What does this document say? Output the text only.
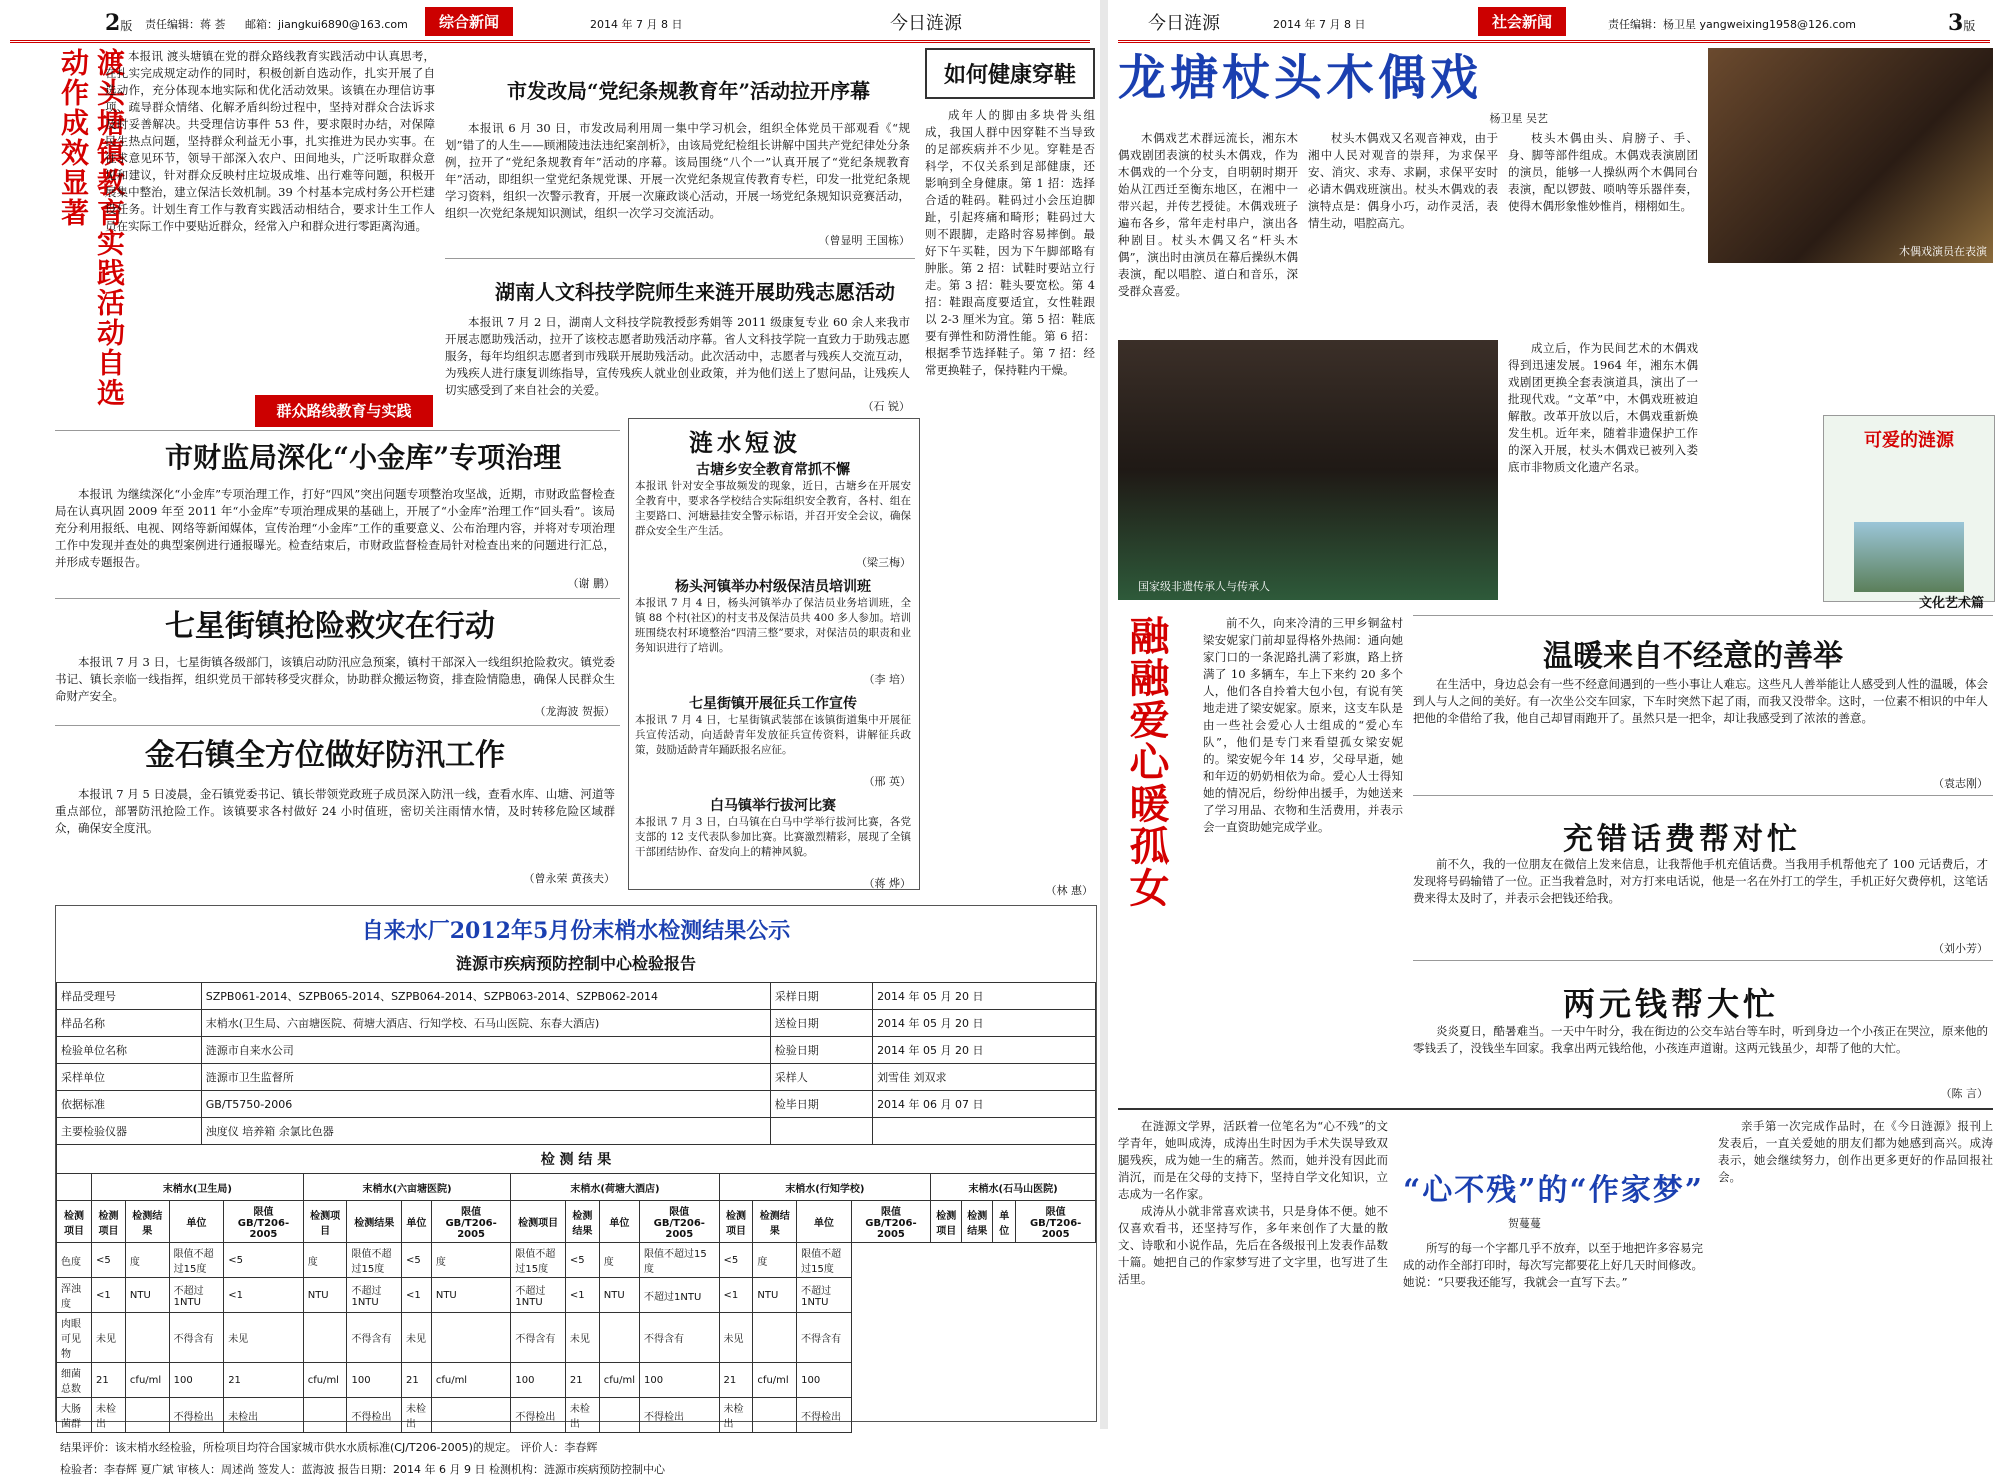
2版 责任编辑：蒋 荟 邮箱：jiangkui6890@163.com	综合新闻	2014 年 7 月 8 日	今日涟源
渡头塘镇教育实践活动自选动作成效显著	本报讯 渡头塘镇在党的群众路线教育实践活动中认真思考，在扎实完成规定动作的同时，积极创新自选动作，扎实开展了自选动作，充分体现本地实际和优化活动效果。该镇在办理信访事项、疏导群众情绪、化解矛盾纠纷过程中，坚持对群众合法诉求及时妥善解决。共受理信访事件 53 件，要求限时办结，对保障民生热点问题，坚持群众利益无小事，扎实推进为民办实事。在征求意见环节，领导干部深入农户、田间地头，广泛听取群众意见和建议，针对群众反映村庄垃圾成堆、出行难等问题，积极开展集中整治，建立保洁长效机制。39 个村基本完成村务公开栏建设任务。计划生育工作与教育实践活动相结合，要求计生工作人员在实际工作中要贴近群众，经常入户和群众进行零距离沟通。

群众路线教育与实践
市发改局“党纪条规教育年”活动拉开序幕

本报讯 6 月 30 日，市发改局利用周一集中学习机会，组织全体党员干部观看《“规划”错了的人生——顾湘陵违法违纪案剖析》，由该局党纪检组长讲解中国共产党纪律处分条例，拉开了“党纪条规教育年”活动的序幕。该局围绕“八个一”认真开展了“党纪条规教育年”活动，即组织一堂党纪条规党课、开展一次党纪条规宣传教育专栏，印发一批党纪条规学习资料，组织一次警示教育，开展一次廉政谈心活动，开展一场党纪条规知识竞赛活动，组织一次党纪条规知识测试，组织一次学习交流活动。

（曾显明 王国栋）
湖南人文科技学院师生来涟开展助残志愿活动

本报讯 7 月 2 日，湖南人文科技学院教授彭秀娟等 2011 级康复专业 60 余人来我市开展志愿助残活动，拉开了该校志愿者助残活动序幕。省人文科技学院一直致力于助残志愿服务，每年均组织志愿者到市残联开展助残活动。此次活动中，志愿者与残疾人交流互动，为残疾人进行康复训练指导，宣传残疾人就业创业政策，并为他们送上了慰问品，让残疾人切实感受到了来自社会的关爱。

（石 锐）
市财监局深化“小金库”专项治理

本报讯 为继续深化“小金库”专项治理工作，打好“四风”突出问题专项整治攻坚战，近期，市财政监督检查局在认真巩固 2009 年至 2011 年“小金库”专项治理成果的基础上，开展了“小金库”治理工作“回头看”。该局充分利用报纸、电视、网络等新闻媒体，宣传治理“小金库”工作的重要意义、公布治理内容，并将对专项治理工作中发现并查处的典型案例进行通报曝光。检查结束后，市财政监督检查局针对检查出来的问题进行汇总，并形成专题报告。

（谢 鹏）
七星街镇抢险救灾在行动

本报讯 7 月 3 日，七星街镇各级部门，该镇启动防汛应急预案，镇村干部深入一线组织抢险救灾。镇党委书记、镇长亲临一线指挥，组织党员干部转移受灾群众，协助群众搬运物资，排查险情隐患，确保人民群众生命财产安全。

（龙海波 贺振）
金石镇全方位做好防汛工作

本报讯 7 月 5 日凌晨，金石镇党委书记、镇长带领党政班子成员深入防汛一线，查看水库、山塘、河道等重点部位，部署防汛抢险工作。该镇要求各村做好 24 小时值班，密切关注雨情水情，及时转移危险区域群众，确保安全度汛。

（曾永荣 黄孩夫）
涟水短波
古塘乡安全教育常抓不懈
本报讯 针对安全事故频发的现象，近日，古塘乡在开展安全教育中，要求各学校结合实际组织安全教育，各村、组在主要路口、河塘悬挂安全警示标语，并召开安全会议，确保群众安全生产生活。
（梁三梅）
杨头河镇举办村级保洁员培训班
本报讯 7 月 4 日，杨头河镇举办了保洁员业务培训班，全镇 88 个村(社区)的村支书及保洁员共 400 多人参加。培训班围绕农村环境整治“四清三整”要求，对保洁员的职责和业务知识进行了培训。
（李 培）
七星街镇开展征兵工作宣传
本报讯 7 月 4 日，七星街镇武装部在该镇街道集中开展征兵宣传活动，向适龄青年发放征兵宣传资料，讲解征兵政策，鼓励适龄青年踊跃报名应征。
（邢 英）
白马镇举行拔河比赛
本报讯 7 月 3 日，白马镇在白马中学举行拔河比赛，各党支部的 12 支代表队参加比赛。比赛激烈精彩，展现了全镇干部团结协作、奋发向上的精神风貌。
（蒋 烨）
如何健康穿鞋

成年人的脚由多块骨头组成，我国人群中因穿鞋不当导致的足部疾病并不少见。穿鞋是否科学，不仅关系到足部健康，还影响到全身健康。第 1 招：选择合适的鞋码。鞋码过小会压迫脚趾，引起疼痛和畸形；鞋码过大则不跟脚，走路时容易摔倒。最好下午买鞋，因为下午脚部略有肿胀。第 2 招：试鞋时要站立行走。第 3 招：鞋头要宽松。第 4 招：鞋跟高度要适宜，女性鞋跟以 2-3 厘米为宜。第 5 招：鞋底要有弹性和防滑性能。第 6 招：根据季节选择鞋子。第 7 招：经常更换鞋子，保持鞋内干燥。

（林 惠）
自来水厂2012年5月份末梢水检测结果公示
涟源市疾病预防控制中心检验报告
样品受理号	SZPB061-2014、SZPB065-2014、SZPB064-2014、SZPB063-2014、SZPB062-2014	采样日期	2014 年 05 月 20 日
样品名称	末梢水(卫生局、六亩塘医院、荷塘大酒店、行知学校、石马山医院、东春大酒店)	送检日期	2014 年 05 月 20 日
检验单位名称	涟源市自来水公司	检验日期	2014 年 05 月 20 日
采样单位	涟源市卫生监督所	采样人	刘雪佳 刘双求
依据标准	GB/T5750-2006	检毕日期	2014 年 06 月 07 日
主要检验仪器	浊度仪 培养箱 余氯比色器		
检 测 结 果
	末梢水(卫生局)				末梢水(六亩塘医院)				末梢水(荷塘大酒店)				末梢水(行知学校)				末梢水(石马山医院)			
检测项目	检测项目	检测结果	单位	限值GB/T206-2005	检测项目	检测结果	单位	限值GB/T206-2005	检测项目	检测结果	单位	限值GB/T206-2005	检测项目	检测结果	单位	限值GB/T206-2005	检测项目	检测结果	单位	限值GB/T206-2005
色度	<5	度	限值不超过15度	<5	度	限值不超过15度	<5	度	限值不超过15度	<5	度	限值不超过15度	<5	度	限值不超过15度					
浑浊度	<1	NTU	不超过1NTU	<1	NTU	不超过1NTU	<1	NTU	不超过1NTU	<1	NTU	不超过1NTU	<1	NTU	不超过1NTU					
肉眼可见物	未见		不得含有	未见		不得含有	未见		不得含有	未见		不得含有	未见		不得含有					
细菌总数	21	cfu/ml	100	21	cfu/ml	100	21	cfu/ml	100	21	cfu/ml	100	21	cfu/ml	100					
大肠菌群	未检出		不得检出	未检出		不得检出	未检出		不得检出	未检出		不得检出	未检出		不得检出					
结果评价：该末梢水经检验，所检项目均符合国家城市供水水质标准(CJ/T206-2005)的规定。 评价人：李春辉
检验者：李春辉 夏广斌 审核人：周述尚 签发人：蓝海波 报告日期：2014 年 6 月 9 日 检测机构：涟源市疾病预防控制中心
今日涟源	2014 年 7 月 8 日	社会新闻	责任编辑：杨卫星 yangweixing1958@126.com	3版
龙塘杖头木偶戏
木偶戏演员在表演
杨卫星 吴艺

木偶戏艺术群远流长，湘东木偶戏剧团表演的杖头木偶戏，作为木偶戏的一个分支，自明朝时期开始从江西迁至衡东地区，在湘中一带兴起，并传艺授徒。木偶戏班子遍布各乡，常年走村串户，演出各种剧目。杖头木偶又名“杆头木偶”，演出时由演员在幕后操纵木偶表演，配以唱腔、道白和音乐，深受群众喜爱。

杖头木偶戏又名观音神戏，由于湘中人民对观音的崇拜，为求保平安、消灾、求寿、求嗣，求保平安时必请木偶戏班演出。杖头木偶戏的表演特点是：偶身小巧，动作灵活，表情生动，唱腔高亢。

枝头木偶由头、肩膀子、手、身、脚等部件组成。木偶戏表演剧团的演员，能够一人操纵两个木偶同台表演，配以锣鼓、唢呐等乐器伴奏，使得木偶形象惟妙惟肖，栩栩如生。

国家级非遗传承人与传承人

成立后，作为民间艺术的木偶戏得到迅速发展。1964 年，湘东木偶戏剧团更换全套表演道具，演出了一批现代戏。“文革”中，木偶戏班被迫解散。改革开放以后，木偶戏重新焕发生机。近年来，随着非遗保护工作的深入开展，杖头木偶戏已被列入娄底市非物质文化遗产名录。

可爱的涟源
文化艺术篇
融融爱心暖孤女	前不久，向来冷清的三甲乡铜盆村梁安妮家门前却显得格外热闹：通向她家门口的一条泥路扎满了彩旗，路上挤满了 10 多辆车，车上下来约 20 多个人，他们各自拎着大包小包，有说有笑地走进了梁安妮家。原来，这支车队是由一些社会爱心人士组成的“爱心车队”，他们是专门来看望孤女梁安妮的。梁安妮今年 14 岁，父母早逝，她和年迈的奶奶相依为命。爱心人士得知她的情况后，纷纷伸出援手，为她送来了学习用品、衣物和生活费用，并表示会一直资助她完成学业。

温暖来自不经意的善举

在生活中，身边总会有一些不经意间遇到的一些小事让人难忘。这些凡人善举能让人感受到人性的温暖，体会到人与人之间的美好。有一次坐公交车回家，下车时突然下起了雨，而我又没带伞。这时，一位素不相识的中年人把他的伞借给了我，他自己却冒雨跑开了。虽然只是一把伞，却让我感受到了浓浓的善意。

（袁志刚）
充错话费帮对忙

前不久，我的一位朋友在微信上发来信息，让我帮他手机充值话费。当我用手机帮他充了 100 元话费后，才发现将号码输错了一位。正当我着急时，对方打来电话说，他是一名在外打工的学生，手机正好欠费停机，这笔话费来得太及时了，并表示会把钱还给我。

（刘小芳）
两元钱帮大忙

炎炎夏日，酷暑难当。一天中午时分，我在街边的公交车站台等车时，听到身边一个小孩正在哭泣，原来他的零钱丢了，没钱坐车回家。我拿出两元钱给他，小孩连声道谢。这两元钱虽少，却帮了他的大忙。

（陈 言）

在涟源文学界，活跃着一位笔名为“心不残”的文学青年，她叫成涛，成涛出生时因为手术失误导致双腿残疾，成为她一生的痛苦。然而，她并没有因此而消沉，而是在父母的支持下，坚持自学文化知识，立志成为一名作家。

成涛从小就非常喜欢读书，只是身体不便。她不仅喜欢看书，还坚持写作，多年来创作了大量的散文、诗歌和小说作品，先后在各级报刊上发表作品数十篇。她把自己的作家梦写进了文字里，也写进了生活里。

“心不残”的“作家梦”
贺蔓蔓

所写的每一个字都几乎不放弃，以至于地把许多容易完成的动作全部打印时，每次写完都要花上好几天时间修改。她说：“只要我还能写，我就会一直写下去。”

亲手第一次完成作品时，在《今日涟源》报刊上发表后，一直关爱她的朋友们都为她感到高兴。成涛表示，她会继续努力，创作出更多更好的作品回报社会。
